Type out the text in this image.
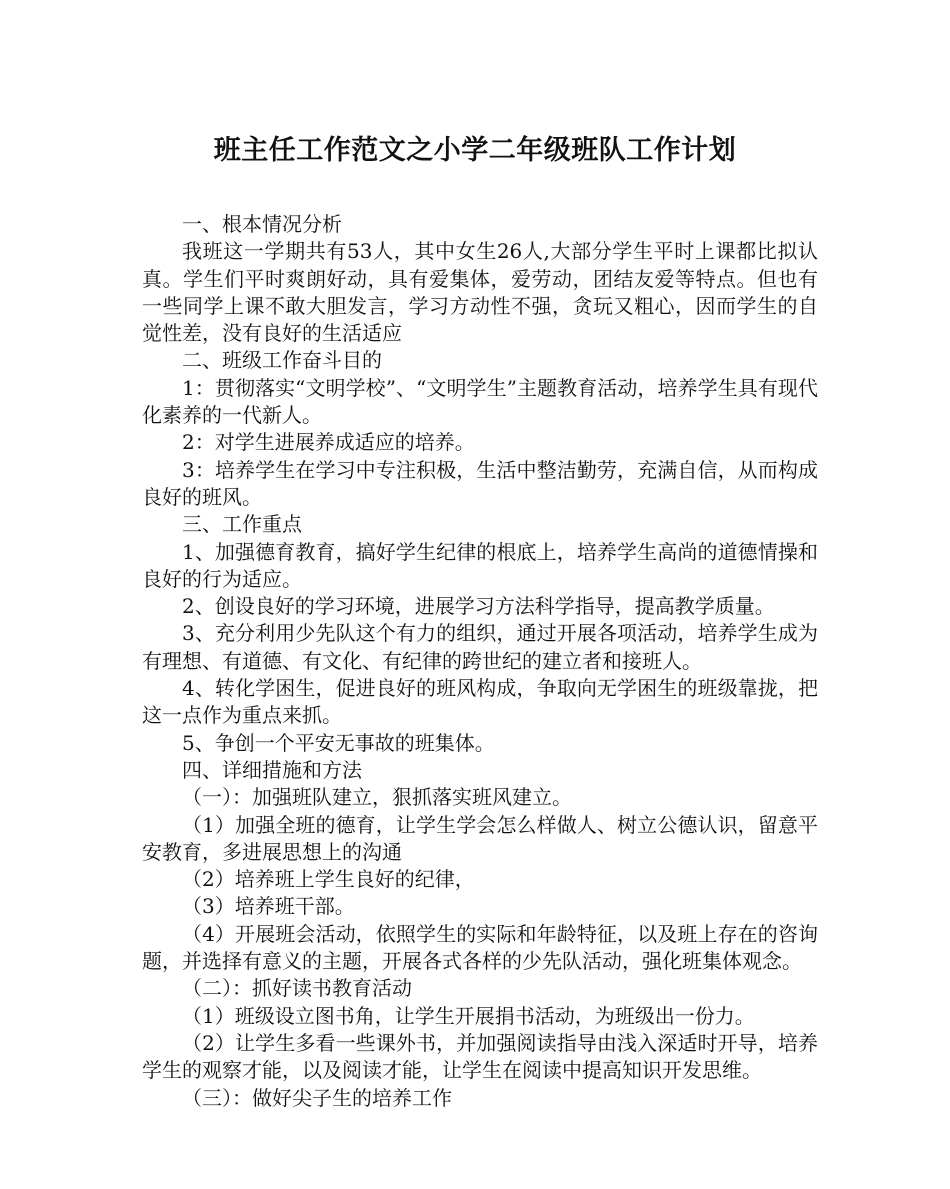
班主任工作范文之小学二年级班队工作计划

一、根本情况分析

我班这一学期共有53人，其中女生26人,大部分学生平时上课都比拟认真。学生们平时爽朗好动，具有爱集体，爱劳动，团结友爱等特点。但也有一些同学上课不敢大胆发言，学习方动性不强，贪玩又粗心，因而学生的自觉性差，没有良好的生活适应

二、班级工作奋斗目的

1：贯彻落实“文明学校”、“文明学生”主题教育活动，培养学生具有现代化素养的一代新人。

2：对学生进展养成适应的培养。

3：培养学生在学习中专注积极，生活中整洁勤劳，充满自信，从而构成良好的班风。

三、工作重点

1、加强德育教育，搞好学生纪律的根底上，培养学生高尚的道德情操和良好的行为适应。

2、创设良好的学习环境，进展学习方法科学指导，提高教学质量。

3、充分利用少先队这个有力的组织，通过开展各项活动，培养学生成为有理想、有道德、有文化、有纪律的跨世纪的建立者和接班人。

4、转化学困生，促进良好的班风构成，争取向无学困生的班级靠拢，把这一点作为重点来抓。

5、争创一个平安无事故的班集体。

四、详细措施和方法

（一）：加强班队建立，狠抓落实班风建立。

（1）加强全班的德育，让学生学会怎么样做人、树立公德认识，留意平安教育，多进展思想上的沟通

（2）培养班上学生良好的纪律，

（3）培养班干部。

（4）开展班会活动，依照学生的实际和年龄特征，以及班上存在的咨询题，并选择有意义的主题，开展各式各样的少先队活动，强化班集体观念。

（二）：抓好读书教育活动

（1）班级设立图书角，让学生开展捐书活动，为班级出一份力。

（2）让学生多看一些课外书，并加强阅读指导由浅入深适时开导，培养学生的观察才能，以及阅读才能，让学生在阅读中提高知识开发思维。

（三）：做好尖子生的培养工作
